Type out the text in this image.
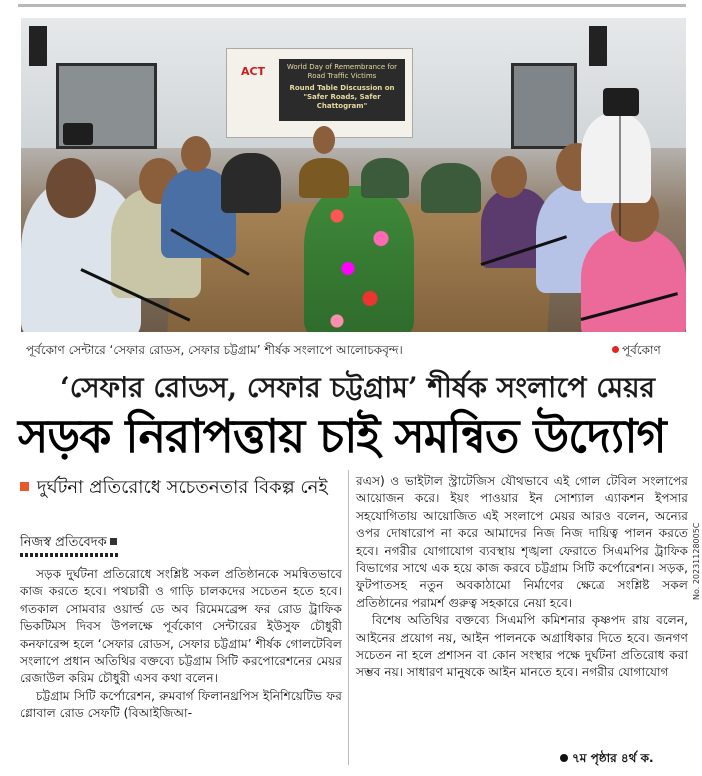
ACT	World Day of Remembrance for Road Traffic Victims
Round Table Discussion on "Safer Roads, Safer Chattogram"
পূর্বকোণ সেন্টারে ‘সেফার রোডস, সেফার চট্টগ্রাম’ শীর্ষক সংলাপে আলোচকবৃন্দ।	পূর্বকোণ
‘সেফার রোডস, সেফার চট্টগ্রাম’ শীর্ষক সংলাপে মেয়র
সড়ক নিরাপত্তায় চাই সমন্বিত উদ্যোগ
দুর্ঘটনা প্রতিরোধে সচেতনতার বিকল্প নেই
নিজস্ব প্রতিবেদক

সড়ক দুর্ঘটনা প্রতিরোধে সংশ্লিষ্ট সকল প্রতিষ্ঠানকে সমন্বিতভাবে কাজ করতে হবে। পথচারী ও গাড়ি চালকদের সচেতন হতে হবে। গতকাল সোমবার ওয়ার্ল্ড ডে অব রিমেমব্রেন্স ফর রোড ট্রাফিক ভিকটিমস দিবস উপলক্ষে পূর্বকোণ সেন্টারের ইউসুফ চৌধুরী কনফারেন্স হলে ‘সেফার রোডস, সেফার চট্টগ্রাম’ শীর্ষক গোলটেবিল সংলাপে প্রধান অতিথির বক্তব্যে চট্টগ্রাম সিটি করপোরেশনের মেয়র রেজাউল করিম চৌধুরী এসব কথা বলেন।

চট্টগ্রাম সিটি কর্পোরেশন, রুমবার্গ ফিলানথ্রপিস ইনিশিয়েটিভ ফর গ্লোবাল রোড সেফটি (বিআইজিআ-

রএস) ও ভাইটাল স্ট্রাটেজিস যৌথভাবে এই গোল টেবিল সংলাপের আয়োজন করে। ইয়ং পাওয়ার ইন সোশ্যাল এ্যাকশন ইপসার সহযোগিতায় আয়োজিত এই সংলাপে মেয়র আরও বলেন, অন্যের ওপর দোষারোপ না করে আমাদের নিজ নিজ দায়িত্ব পালন করতে হবে। নগরীর যোগাযোগ ব্যবস্থায় শৃঙ্খলা ফেরাতে সিএমপির ট্রাফিক বিভাগের সাথে এক হয়ে কাজ করবে চট্টগ্রাম সিটি কর্পোরেশন। সড়ক, ফুটপাতসহ নতুন অবকাঠামো নির্মাণের ক্ষেত্রে সংশ্লিষ্ট সকল প্রতিষ্ঠানের পরামর্শ গুরুত্ব সহকারে নেয়া হবে।

বিশেষ অতিথির বক্তব্যে সিএমপি কমিশনার কৃষ্ণপদ রায় বলেন, আইনের প্রয়োগ নয়, আইন পালনকে অগ্রাধিকার দিতে হবে। জনগণ সচেতন না হলে প্রশাসন বা কোন সংস্থার পক্ষে দুর্ঘটনা প্রতিরোধ করা সম্ভব নয়। সাধারণ মানুষকে আইন মানতে হবে। নগরীর যোগাযোগ

No. 20231128005C
৭ম পৃষ্ঠার ৪র্থ ক.
